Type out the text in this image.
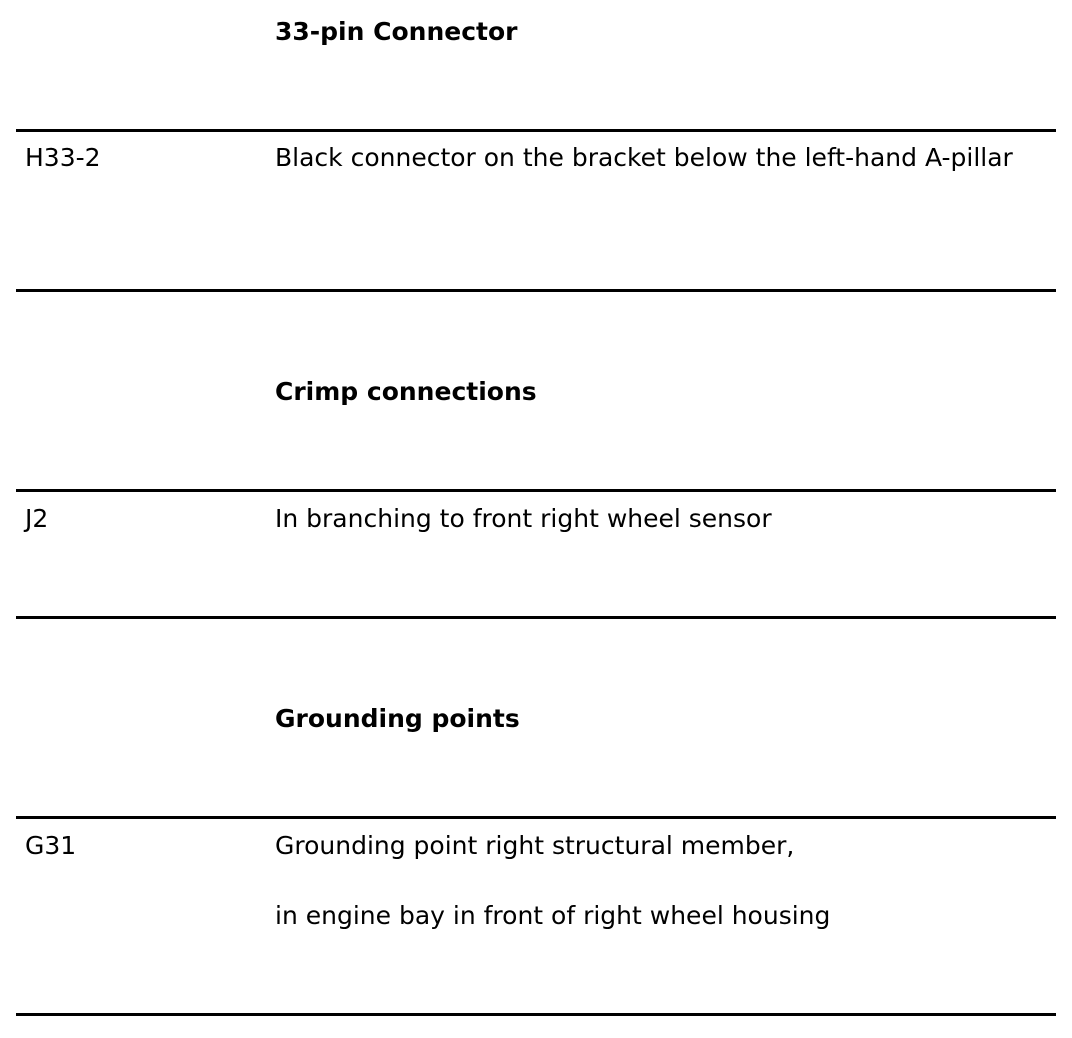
33-pin Connector
H33-2	Black connector on the bracket below the left-hand A-pillar
Crimp connections
J2	In branching to front right wheel sensor
Grounding points
G31	Grounding point right structural member,
in engine bay in front of right wheel housing
